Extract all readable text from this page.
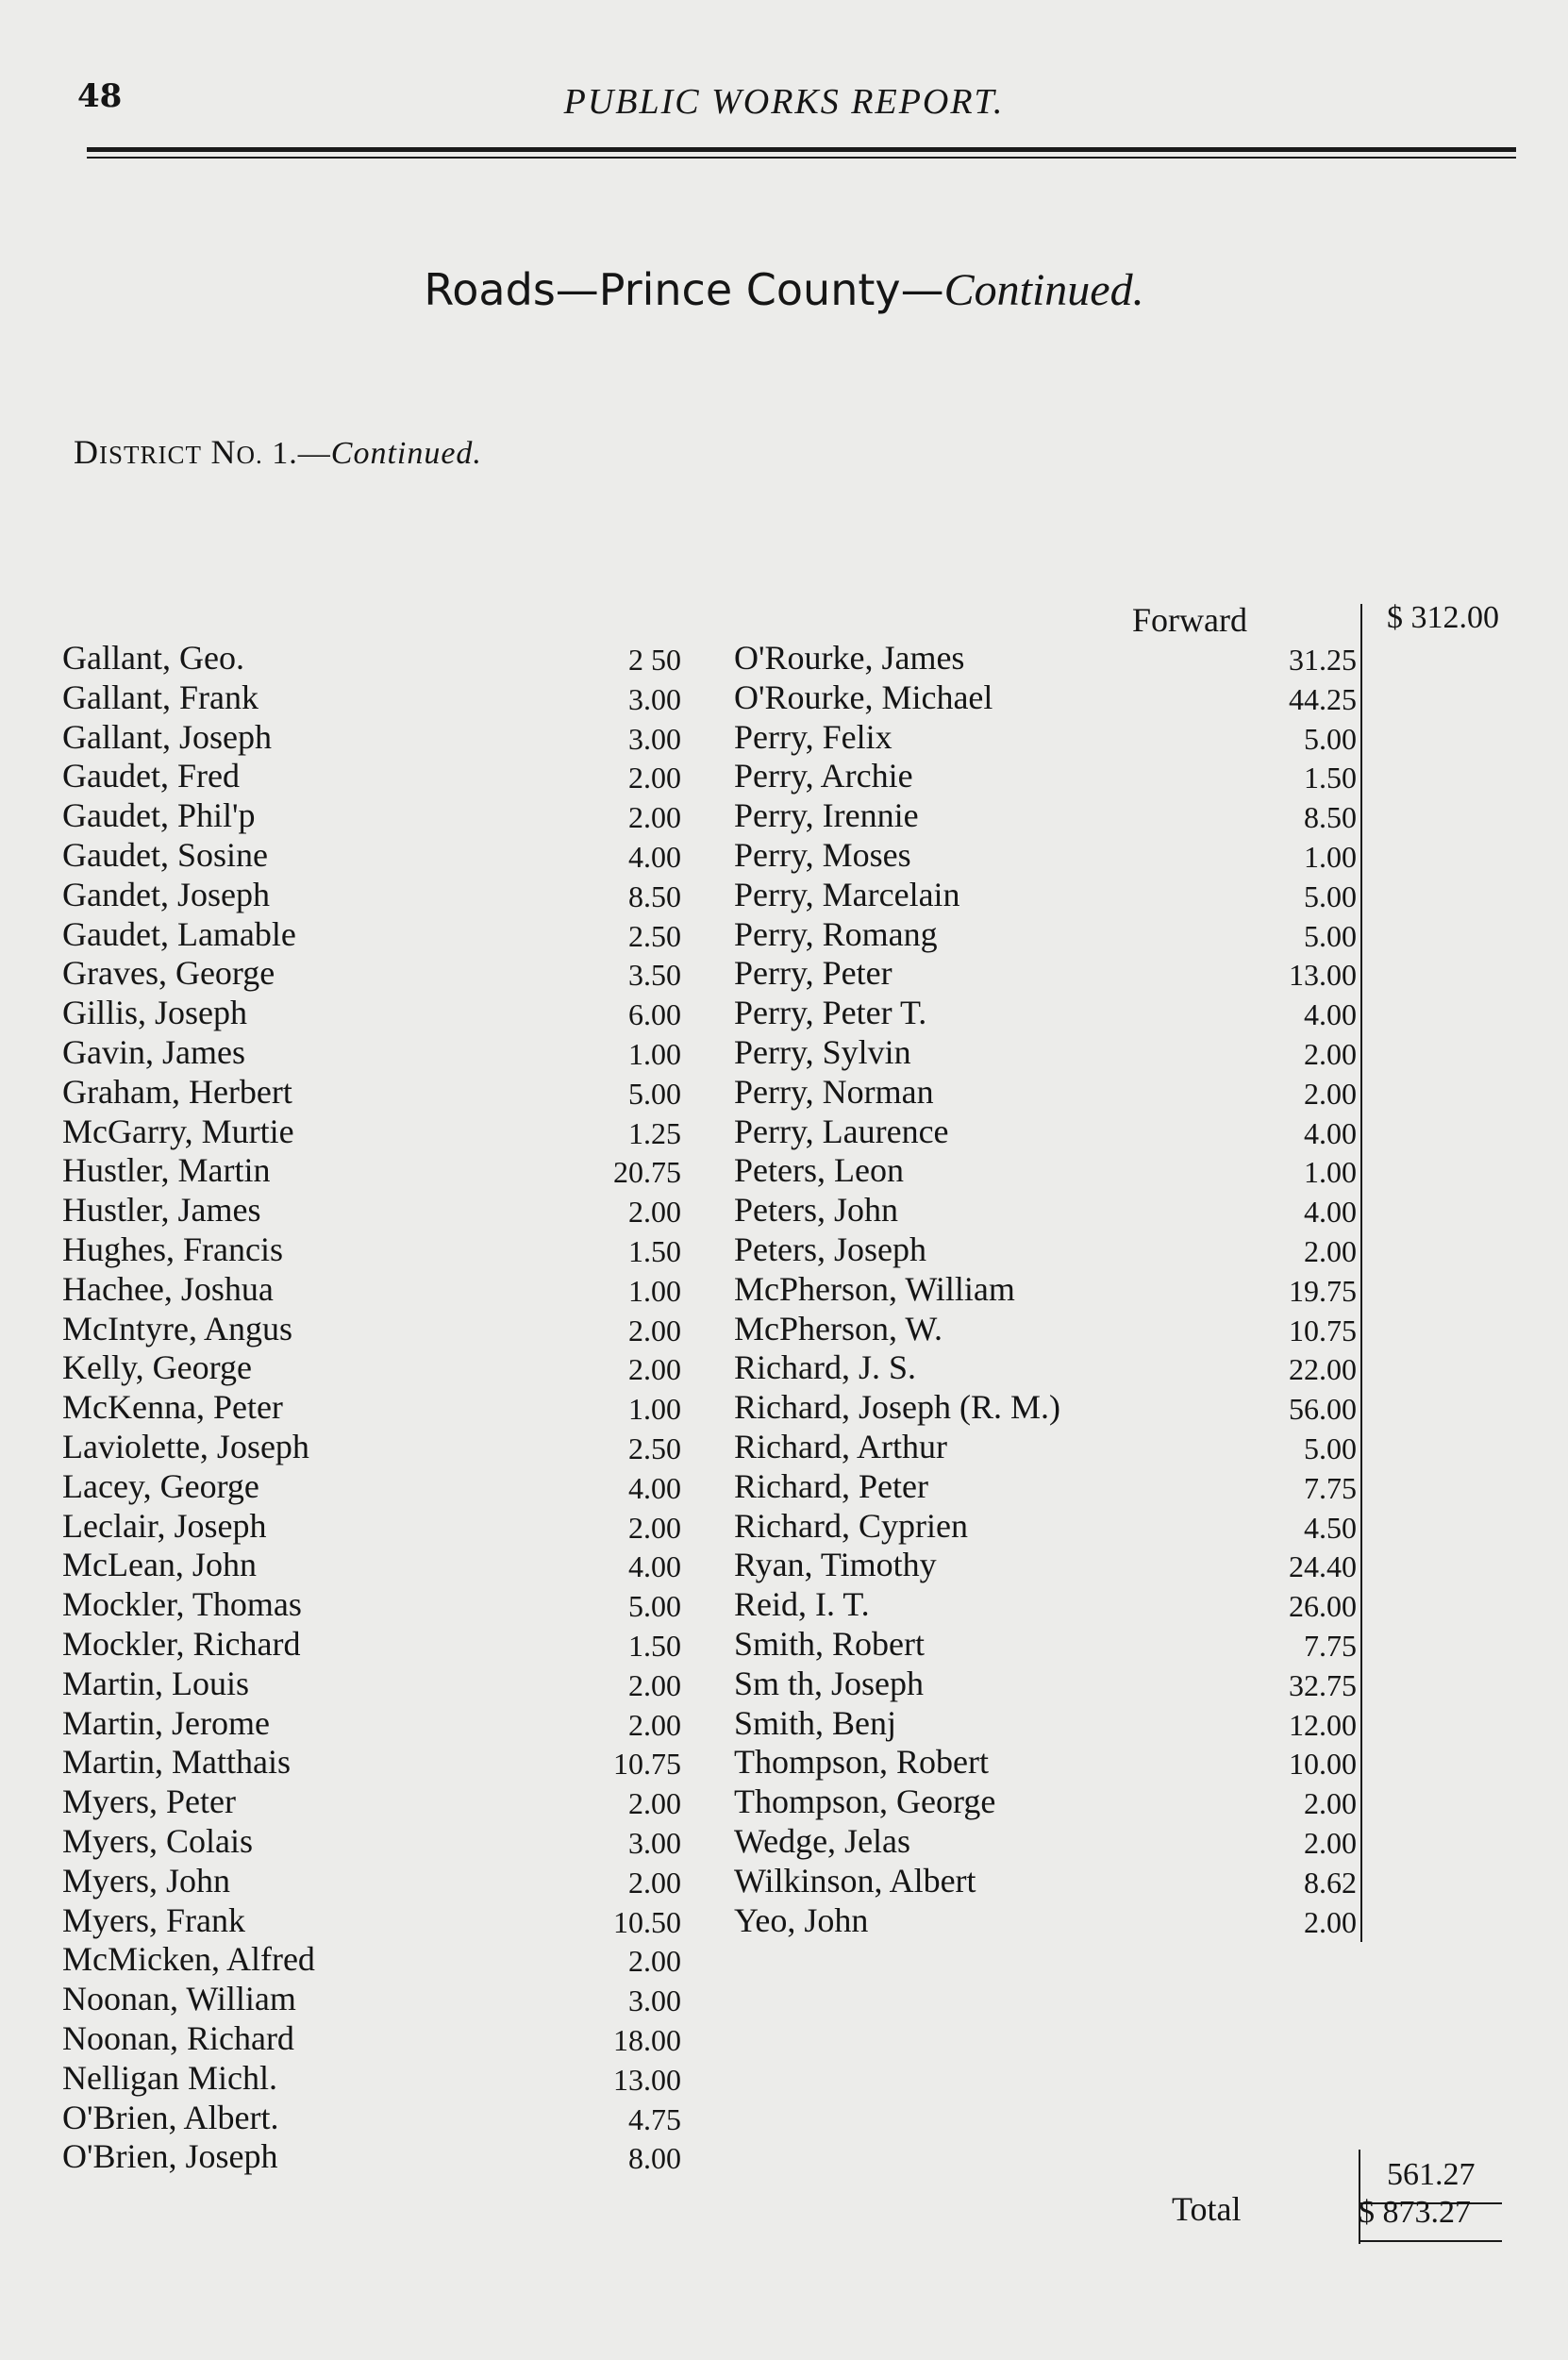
48	PUBLIC WORKS REPORT.
Roads—Prince County—Continued.
DISTRICT NO. 1.—Continued.
Forward	$ 312.00
561.27
Total	$ 873.27
Gallant, Geo.	2 50
Gallant, Frank	3.00
Gallant, Joseph	3.00
Gaudet, Fred	2.00
Gaudet, Phil'p	2.00
Gaudet, Sosine	4.00
Gandet, Joseph	8.50
Gaudet, Lamable	2.50
Graves, George	3.50
Gillis, Joseph	6.00
Gavin, James	1.00
Graham, Herbert	5.00
McGarry, Murtie	1.25
Hustler, Martin	20.75
Hustler, James	2.00
Hughes, Francis	1.50
Hachee, Joshua	1.00
McIntyre, Angus	2.00
Kelly, George	2.00
McKenna, Peter	1.00
Laviolette, Joseph	2.50
Lacey, George	4.00
Leclair, Joseph	2.00
McLean, John	4.00
Mockler, Thomas	5.00
Mockler, Richard	1.50
Martin, Louis	2.00
Martin, Jerome	2.00
Martin, Matthais	10.75
Myers, Peter	2.00
Myers, Colais	3.00
Myers, John	2.00
Myers, Frank	10.50
McMicken, Alfred	2.00
Noonan, William	3.00
Noonan, Richard	18.00
Nelligan Michl.	13.00
O'Brien, Albert.	4.75
O'Brien, Joseph	8.00
O'Rourke, James	31.25
O'Rourke, Michael	44.25
Perry, Felix	5.00
Perry, Archie	1.50
Perry, Irennie	8.50
Perry, Moses	1.00
Perry, Marcelain	5.00
Perry, Romang	5.00
Perry, Peter	13.00
Perry, Peter T.	4.00
Perry, Sylvin	2.00
Perry, Norman	2.00
Perry, Laurence	4.00
Peters, Leon	1.00
Peters, John	4.00
Peters, Joseph	2.00
McPherson, William	19.75
McPherson, W.	10.75
Richard, J. S.	22.00
Richard, Joseph (R. M.)	56.00
Richard, Arthur	5.00
Richard, Peter	7.75
Richard, Cyprien	4.50
Ryan, Timothy	24.40
Reid, I. T.	26.00
Smith, Robert	7.75
Sm th, Joseph	32.75
Smith, Benj	12.00
Thompson, Robert	10.00
Thompson, George	2.00
Wedge, Jelas	2.00
Wilkinson, Albert	8.62
Yeo, John	2.00
